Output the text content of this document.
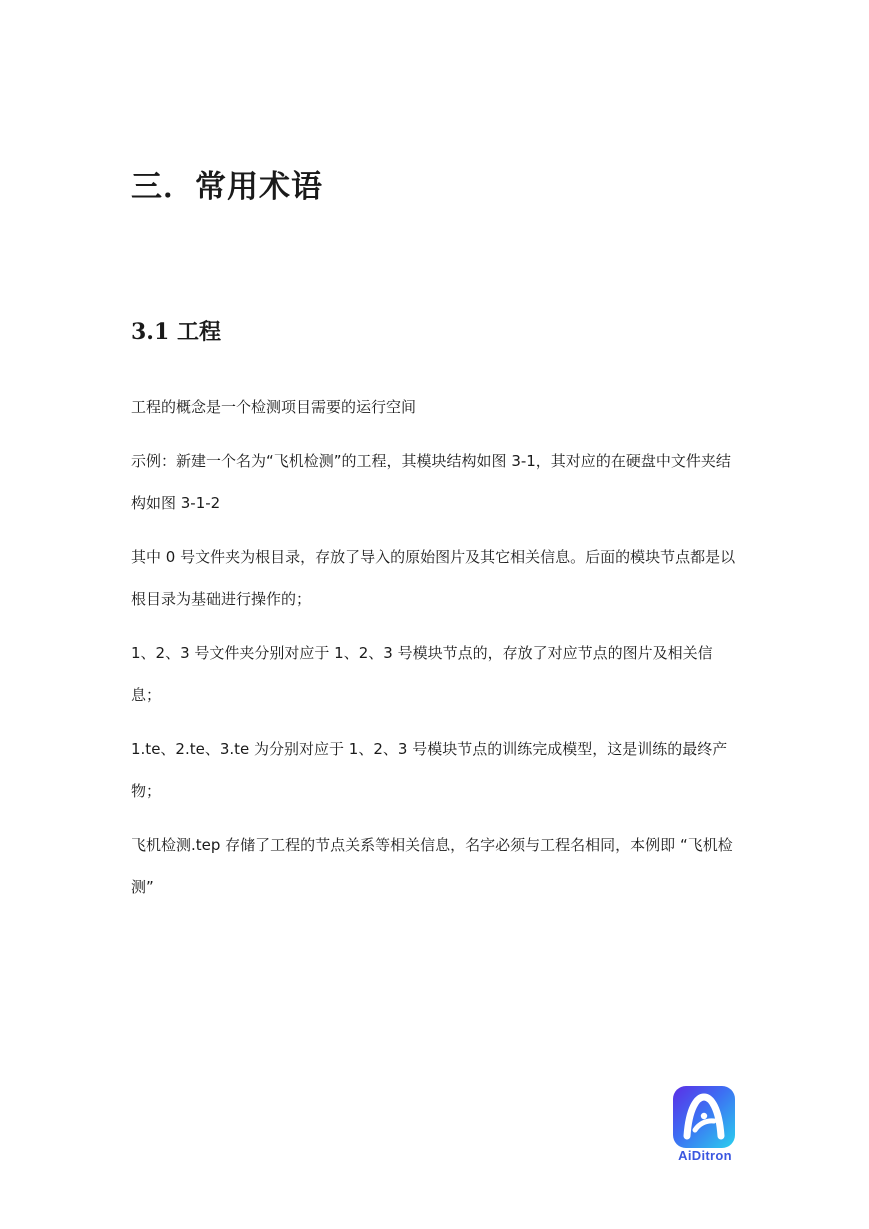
三．常用术语
3.1 工程

工程的概念是一个检测项目需要的运行空间

示例：新建一个名为“飞机检测”的工程，其模块结构如图 3-1，其对应的在硬盘中文件夹结构如图 3-1-2

其中 0 号文件夹为根目录，存放了导入的原始图片及其它相关信息。后面的模块节点都是以根目录为基础进行操作的；

1、2、3 号文件夹分别对应于 1、2、3 号模块节点的，存放了对应节点的图片及相关信息；

1.te、2.te、3.te 为分别对应于 1、2、3 号模块节点的训练完成模型，这是训练的最终产物；

飞机检测.tep 存储了工程的节点关系等相关信息，名字必须与工程名相同，本例即 “飞机检测”

AiDitron
